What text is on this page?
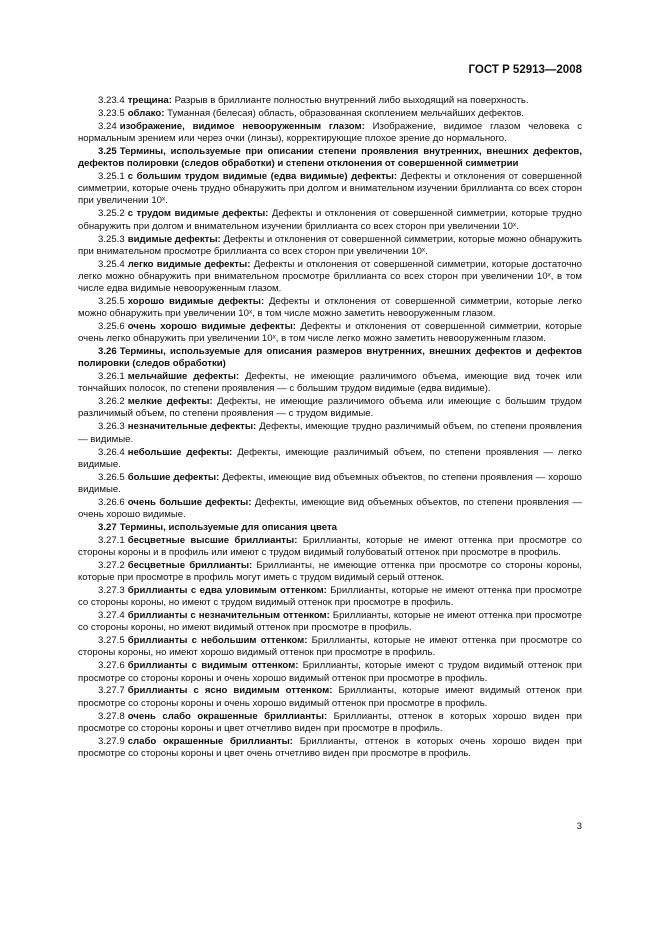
ГОСТ Р 52913—2008

3.23.4 трещина: Разрыв в бриллианте полностью внутренний либо выходящий на поверхность.

3.23.5 облако: Туманная (белесая) область, образованная скоплением мельчайших дефектов.

3.24 изображение, видимое невооруженным глазом: Изображение, видимое глазом человека с нормальным зрением или через очки (линзы), корректирующие плохое зрение до нормального.

3.25 Термины, используемые при описании степени проявления внутренних, внешних дефектов, дефектов полировки (следов обработки) и степени отклонения от совершенной симметрии

3.25.1 с большим трудом видимые (едва видимые) дефекты: Дефекты и отклонения от совершенной симметрии, которые очень трудно обнаружить при долгом и внимательном изучении бриллианта со всех сторон при увеличении 10ˣ.

3.25.2 с трудом видимые дефекты: Дефекты и отклонения от совершенной симметрии, которые трудно обнаружить при долгом и внимательном изучении бриллианта со всех сторон при увеличении 10ˣ.

3.25.3 видимые дефекты: Дефекты и отклонения от совершенной симметрии, которые можно обнаружить при внимательном просмотре бриллианта со всех сторон при увеличении 10ˣ.

3.25.4 легко видимые дефекты: Дефекты и отклонения от совершенной симметрии, которые достаточно легко можно обнаружить при внимательном просмотре бриллианта со всех сторон при увеличении 10ˣ, в том числе едва видимые невооруженным глазом.

3.25.5 хорошо видимые дефекты: Дефекты и отклонения от совершенной симметрии, которые легко можно обнаружить при увеличении 10ˣ, в том числе можно заметить невооруженным глазом.

3.25.6 очень хорошо видимые дефекты: Дефекты и отклонения от совершенной симметрии, которые очень легко обнаружить при увеличении 10ˣ, в том числе легко можно заметить невооруженным глазом.

3.26 Термины, используемые для описания размеров внутренних, внешних дефектов и дефектов полировки (следов обработки)

3.26.1 мельчайшие дефекты: Дефекты, не имеющие различимого объема, имеющие вид точек или тончайших полосок, по степени проявления — с большим трудом видимые (едва видимые).

3.26.2 мелкие дефекты: Дефекты, не имеющие различимого объема или имеющие с большим трудом различимый объем, по степени проявления — с трудом видимые.

3.26.3 незначительные дефекты: Дефекты, имеющие трудно различимый объем, по степени проявления — видимые.

3.26.4 небольшие дефекты: Дефекты, имеющие различимый объем, по степени проявления — легко видимые.

3.26.5 большие дефекты: Дефекты, имеющие вид объемных объектов, по степени проявления — хорошо видимые.

3.26.6 очень большие дефекты: Дефекты, имеющие вид объемных объектов, по степени проявления — очень хорошо видимые.

3.27 Термины, используемые для описания цвета

3.27.1 бесцветные высшие бриллианты: Бриллианты, которые не имеют оттенка при просмотре со стороны короны и в профиль или имеют с трудом видимый голубоватый оттенок при просмотре в профиль.

3.27.2 бесцветные бриллианты: Бриллианты, не имеющие оттенка при просмотре со стороны короны, которые при просмотре в профиль могут иметь с трудом видимый серый оттенок.

3.27.3 бриллианты с едва уловимым оттенком: Бриллианты, которые не имеют оттенка при просмотре со стороны короны, но имеют с трудом видимый оттенок при просмотре в профиль.

3.27.4 бриллианты с незначительным оттенком: Бриллианты, которые не имеют оттенка при просмотре со стороны короны, но имеют видимый оттенок при просмотре в профиль.

3.27.5 бриллианты с небольшим оттенком: Бриллианты, которые не имеют оттенка при просмотре со стороны короны, но имеют хорошо видимый оттенок при просмотре в профиль.

3.27.6 бриллианты с видимым оттенком: Бриллианты, которые имеют с трудом видимый оттенок при просмотре со стороны короны и очень хорошо видимый оттенок при просмотре в профиль.

3.27.7 бриллианты с ясно видимым оттенком: Бриллианты, которые имеют видимый оттенок при просмотре со стороны короны и очень хорошо видимый оттенок при просмотре в профиль.

3.27.8 очень слабо окрашенные бриллианты: Бриллианты, оттенок в которых хорошо виден при просмотре со стороны короны и цвет отчетливо виден при просмотре в профиль.

3.27.9 слабо окрашенные бриллианты: Бриллианты, оттенок в которых очень хорошо виден при просмотре со стороны короны и цвет очень отчетливо виден при просмотре в профиль.

3
